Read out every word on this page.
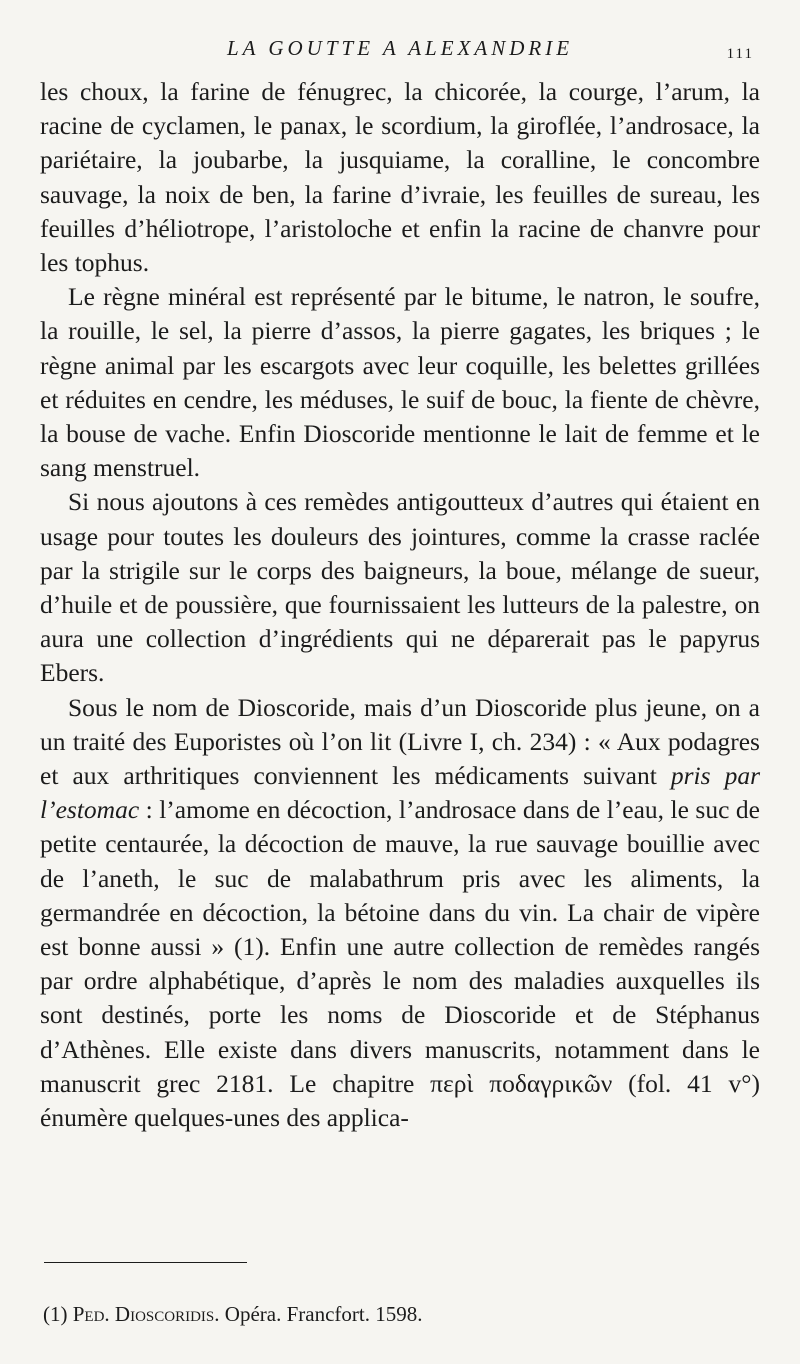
LA GOUTTE A ALEXANDRIE	111

les choux, la farine de fénugrec, la chicorée, la courge, l’arum, la racine de cyclamen, le panax, le scordium, la giroflée, l’androsace, la pariétaire, la joubarbe, la jusquiame, la coralline, le concombre sauvage, la noix de ben, la farine d’ivraie, les feuilles de sureau, les feuilles d’héliotrope, l’aristoloche et enfin la racine de chanvre pour les tophus.

Le règne minéral est représenté par le bitume, le natron, le soufre, la rouille, le sel, la pierre d’assos, la pierre gagates, les briques ; le règne animal par les escargots avec leur coquille, les belettes grillées et réduites en cendre, les méduses, le suif de bouc, la fiente de chèvre, la bouse de vache. Enfin Dioscoride mentionne le lait de femme et le sang menstruel.

Si nous ajoutons à ces remèdes antigoutteux d’autres qui étaient en usage pour toutes les douleurs des jointures, comme la crasse raclée par la strigile sur le corps des baigneurs, la boue, mélange de sueur, d’huile et de poussière, que fournissaient les lutteurs de la palestre, on aura une collection d’ingrédients qui ne déparerait pas le papyrus Ebers.

Sous le nom de Dioscoride, mais d’un Dioscoride plus jeune, on a un traité des Euporistes où l’on lit (Livre I, ch. 234) : « Aux podagres et aux arthritiques conviennent les médicaments suivant pris par l’estomac : l’amome en décoction, l’androsace dans de l’eau, le suc de petite centaurée, la décoction de mauve, la rue sauvage bouillie avec de l’aneth, le suc de malabathrum pris avec les aliments, la germandrée en décoction, la bétoine dans du vin. La chair de vipère est bonne aussi » (1). Enfin une autre collection de remèdes rangés par ordre alphabétique, d’après le nom des maladies auxquelles ils sont destinés, porte les noms de Dioscoride et de Stéphanus d’Athènes. Elle existe dans divers manuscrits, notamment dans le manuscrit grec 2181. Le chapitre περὶ ποδαγρικῶν (fol. 41 v°) énumère quelques-unes des applica-

(1) Ped. Dioscoridis. Opéra. Francfort. 1598.
